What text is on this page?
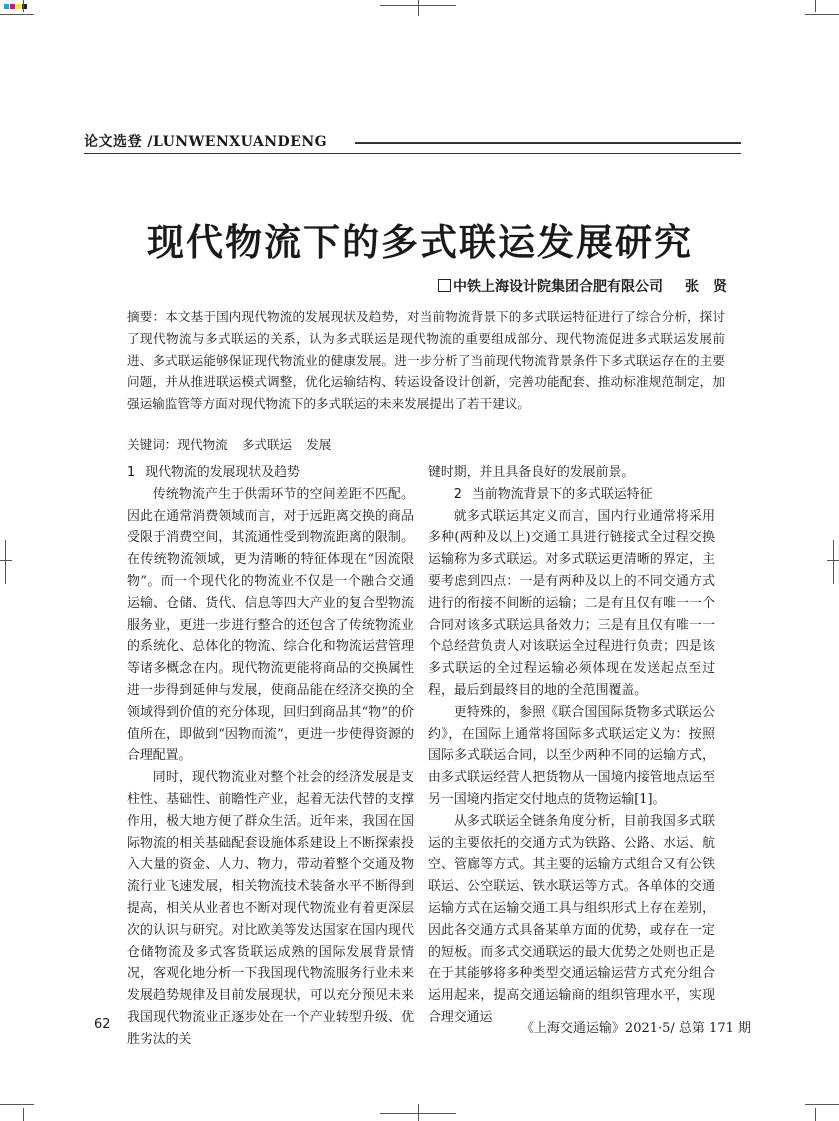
论文选登 /LUNWENXUANDENG
现代物流下的多式联运发展研究
中铁上海设计院集团合肥有限公司 张贤
摘要：本文基于国内现代物流的发展现状及趋势，对当前物流背景下的多式联运特征进行了综合分析，探讨了现代物流与多式联运的关系，认为多式联运是现代物流的重要组成部分、现代物流促进多式联运发展前进、多式联运能够保证现代物流业的健康发展。进一步分析了当前现代物流背景条件下多式联运存在的主要问题，并从推进联运模式调整，优化运输结构、转运设备设计创新，完善功能配套、推动标准规范制定，加强运输监管等方面对现代物流下的多式联运的未来发展提出了若干建议。
关键词：现代物流 多式联运 发展
1 现代物流的发展现状及趋势

传统物流产生于供需环节的空间差距不匹配。因此在通常消费领域而言，对于远距离交换的商品受限于消费空间，其流通性受到物流距离的限制。在传统物流领域，更为清晰的特征体现在“因流限物”。而一个现代化的物流业不仅是一个融合交通运输、仓储、货代、信息等四大产业的复合型物流服务业，更进一步进行整合的还包含了传统物流业的系统化、总体化的物流、综合化和物流运营管理等诸多概念在内。现代物流更能将商品的交换属性进一步得到延伸与发展，使商品能在经济交换的全领域得到价值的充分体现，回归到商品其“物”的价值所在，即做到“因物而流”，更进一步使得资源的合理配置。

同时，现代物流业对整个社会的经济发展是支柱性、基础性、前瞻性产业，起着无法代替的支撑作用，极大地方便了群众生活。近年来，我国在国际物流的相关基础配套设施体系建设上不断探索投入大量的资金、人力、物力，带动着整个交通及物流行业飞速发展，相关物流技术装备水平不断得到提高，相关从业者也不断对现代物流业有着更深层次的认识与研究。对比欧美等发达国家在国内现代仓储物流及多式客货联运成熟的国际发展背景情况，客观化地分析一下我国现代物流服务行业未来发展趋势规律及目前发展现状，可以充分预见未来我国现代物流业正逐步处在一个产业转型升级、优胜劣汰的关

键时期，并且具备良好的发展前景。

2 当前物流背景下的多式联运特征

就多式联运其定义而言，国内行业通常将采用多种(两种及以上)交通工具进行链接式全过程交换运输称为多式联运。对多式联运更清晰的界定，主要考虑到四点：一是有两种及以上的不同交通方式进行的衔接不间断的运输；二是有且仅有唯一一个合同对该多式联运具备效力；三是有且仅有唯一一个总经营负责人对该联运全过程进行负责；四是该多式联运的全过程运输必须体现在发送起点至过程，最后到最终目的地的全范围覆盖。

更特殊的，参照《联合国国际货物多式联运公约》，在国际上通常将国际多式联运定义为：按照国际多式联运合同，以至少两种不同的运输方式，由多式联运经营人把货物从一国境内接管地点运至另一国境内指定交付地点的货物运输[1]。

从多式联运全链条角度分析，目前我国多式联运的主要依托的交通方式为铁路、公路、水运、航空、管廊等方式。其主要的运输方式组合又有公铁联运、公空联运、铁水联运等方式。各单体的交通运输方式在运输交通工具与组织形式上存在差别，因此各交通方式具备某单方面的优势，或存在一定的短板。而多式交通联运的最大优势之处则也正是在于其能够将多种类型交通运输运营方式充分组合运用起来，提高交通运输商的组织管理水平，实现合理交通运

62	《上海交通运输》2021·5/ 总第 171 期
